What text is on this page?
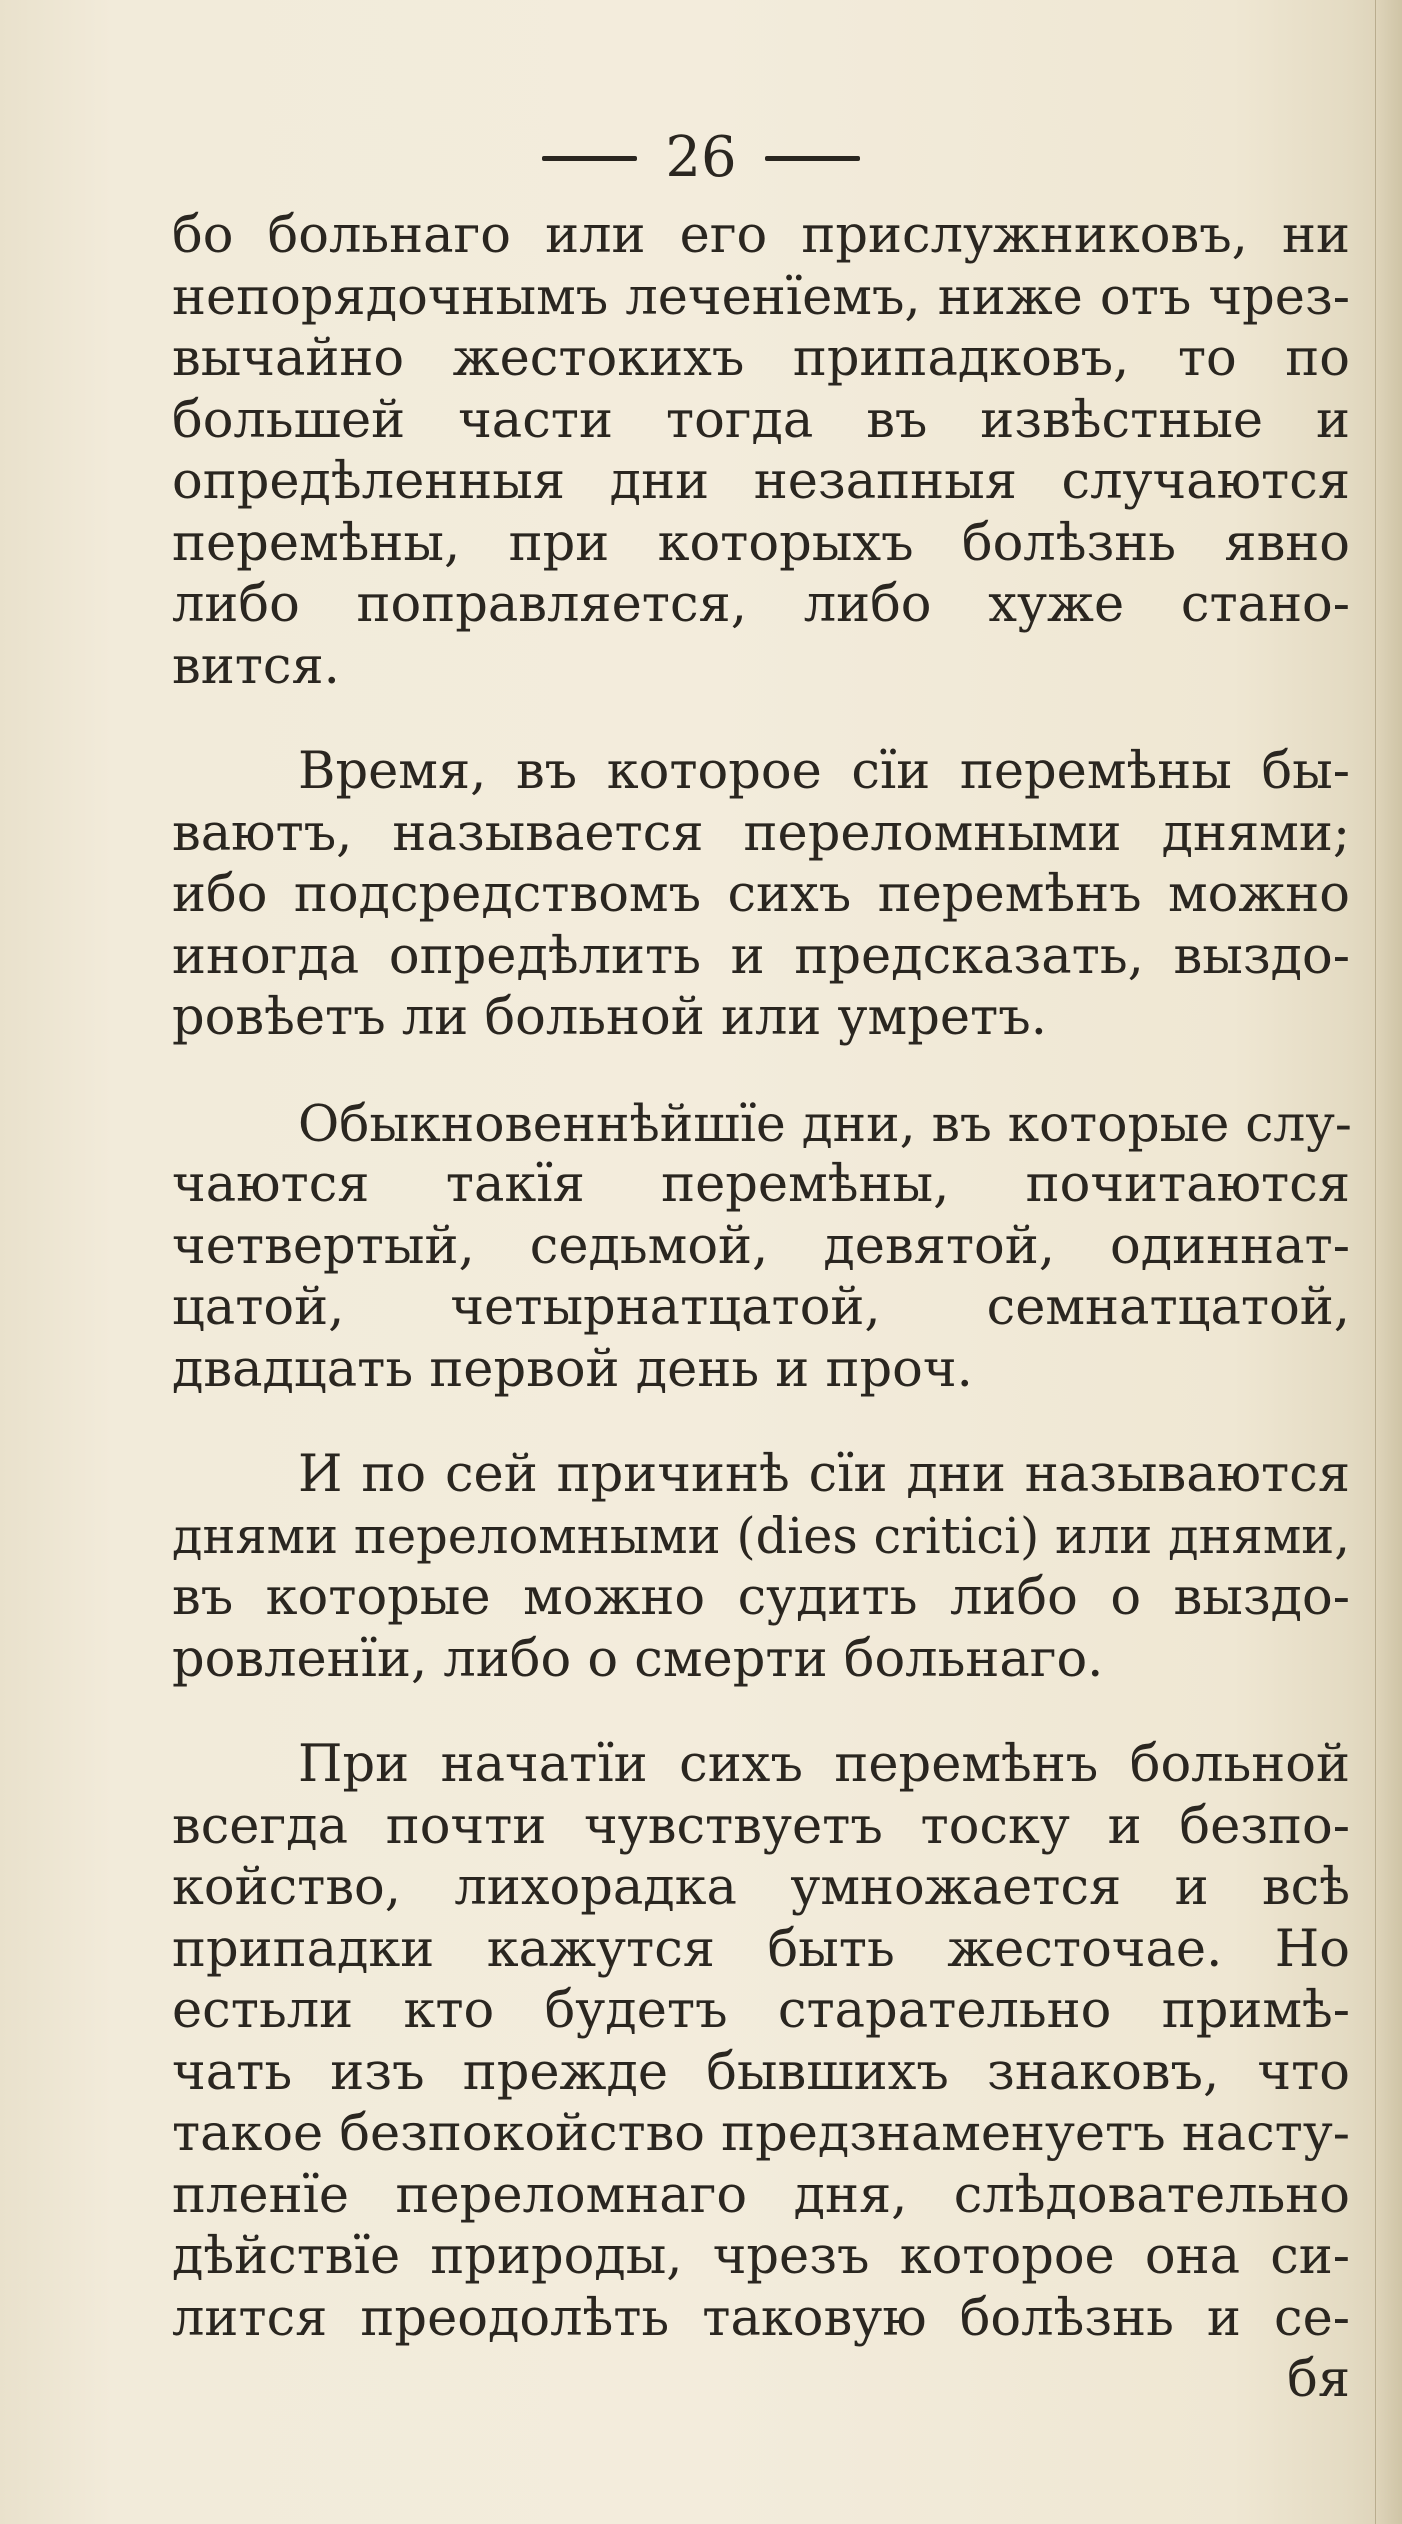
26

бо больнаго или его прислужниковъ, ни
непорядочнымъ леченїемъ, ниже отъ чрез-
вычайно жестокихъ припадковъ, то по
большей части тогда въ извѣстные и
опредѣленныя дни незапныя случаются
перемѣны, при которыхъ болѣзнь явно
либо поправляется, либо хуже стано-
вится.

Время, въ которое сїи перемѣны бы-
ваютъ, называется переломными днями;
ибо подсредствомъ сихъ перемѣнъ можно
иногда опредѣлить и предсказать, выздо-
ровѣетъ ли больной или умретъ.

Обыкновеннѣйшїе дни, въ которые слу-
чаются такїя перемѣны, почитаются
четвертый, седьмой, девятой, одиннат-
цатой, четырнатцатой, семнатцатой,
двадцать первой день и проч.

И по сей причинѣ сїи дни называются
днями переломными (dies critici) или днями,
въ которые можно судить либо о выздо-
ровленїи, либо о смерти больнаго.

При начатїи сихъ перемѣнъ больной
всегда почти чувствуетъ тоску и безпо-
койство, лихорадка умножается и всѣ
припадки кажутся быть жесточае. Но
естьли кто будетъ старательно примѣ-
чать изъ прежде бывшихъ знаковъ, что
такое безпокойство предзнаменуетъ насту-
пленїе переломнаго дня, слѣдовательно
дѣйствїе природы, чрезъ которое она си-
лится преодолѣть таковую болѣзнь и се-
бя
